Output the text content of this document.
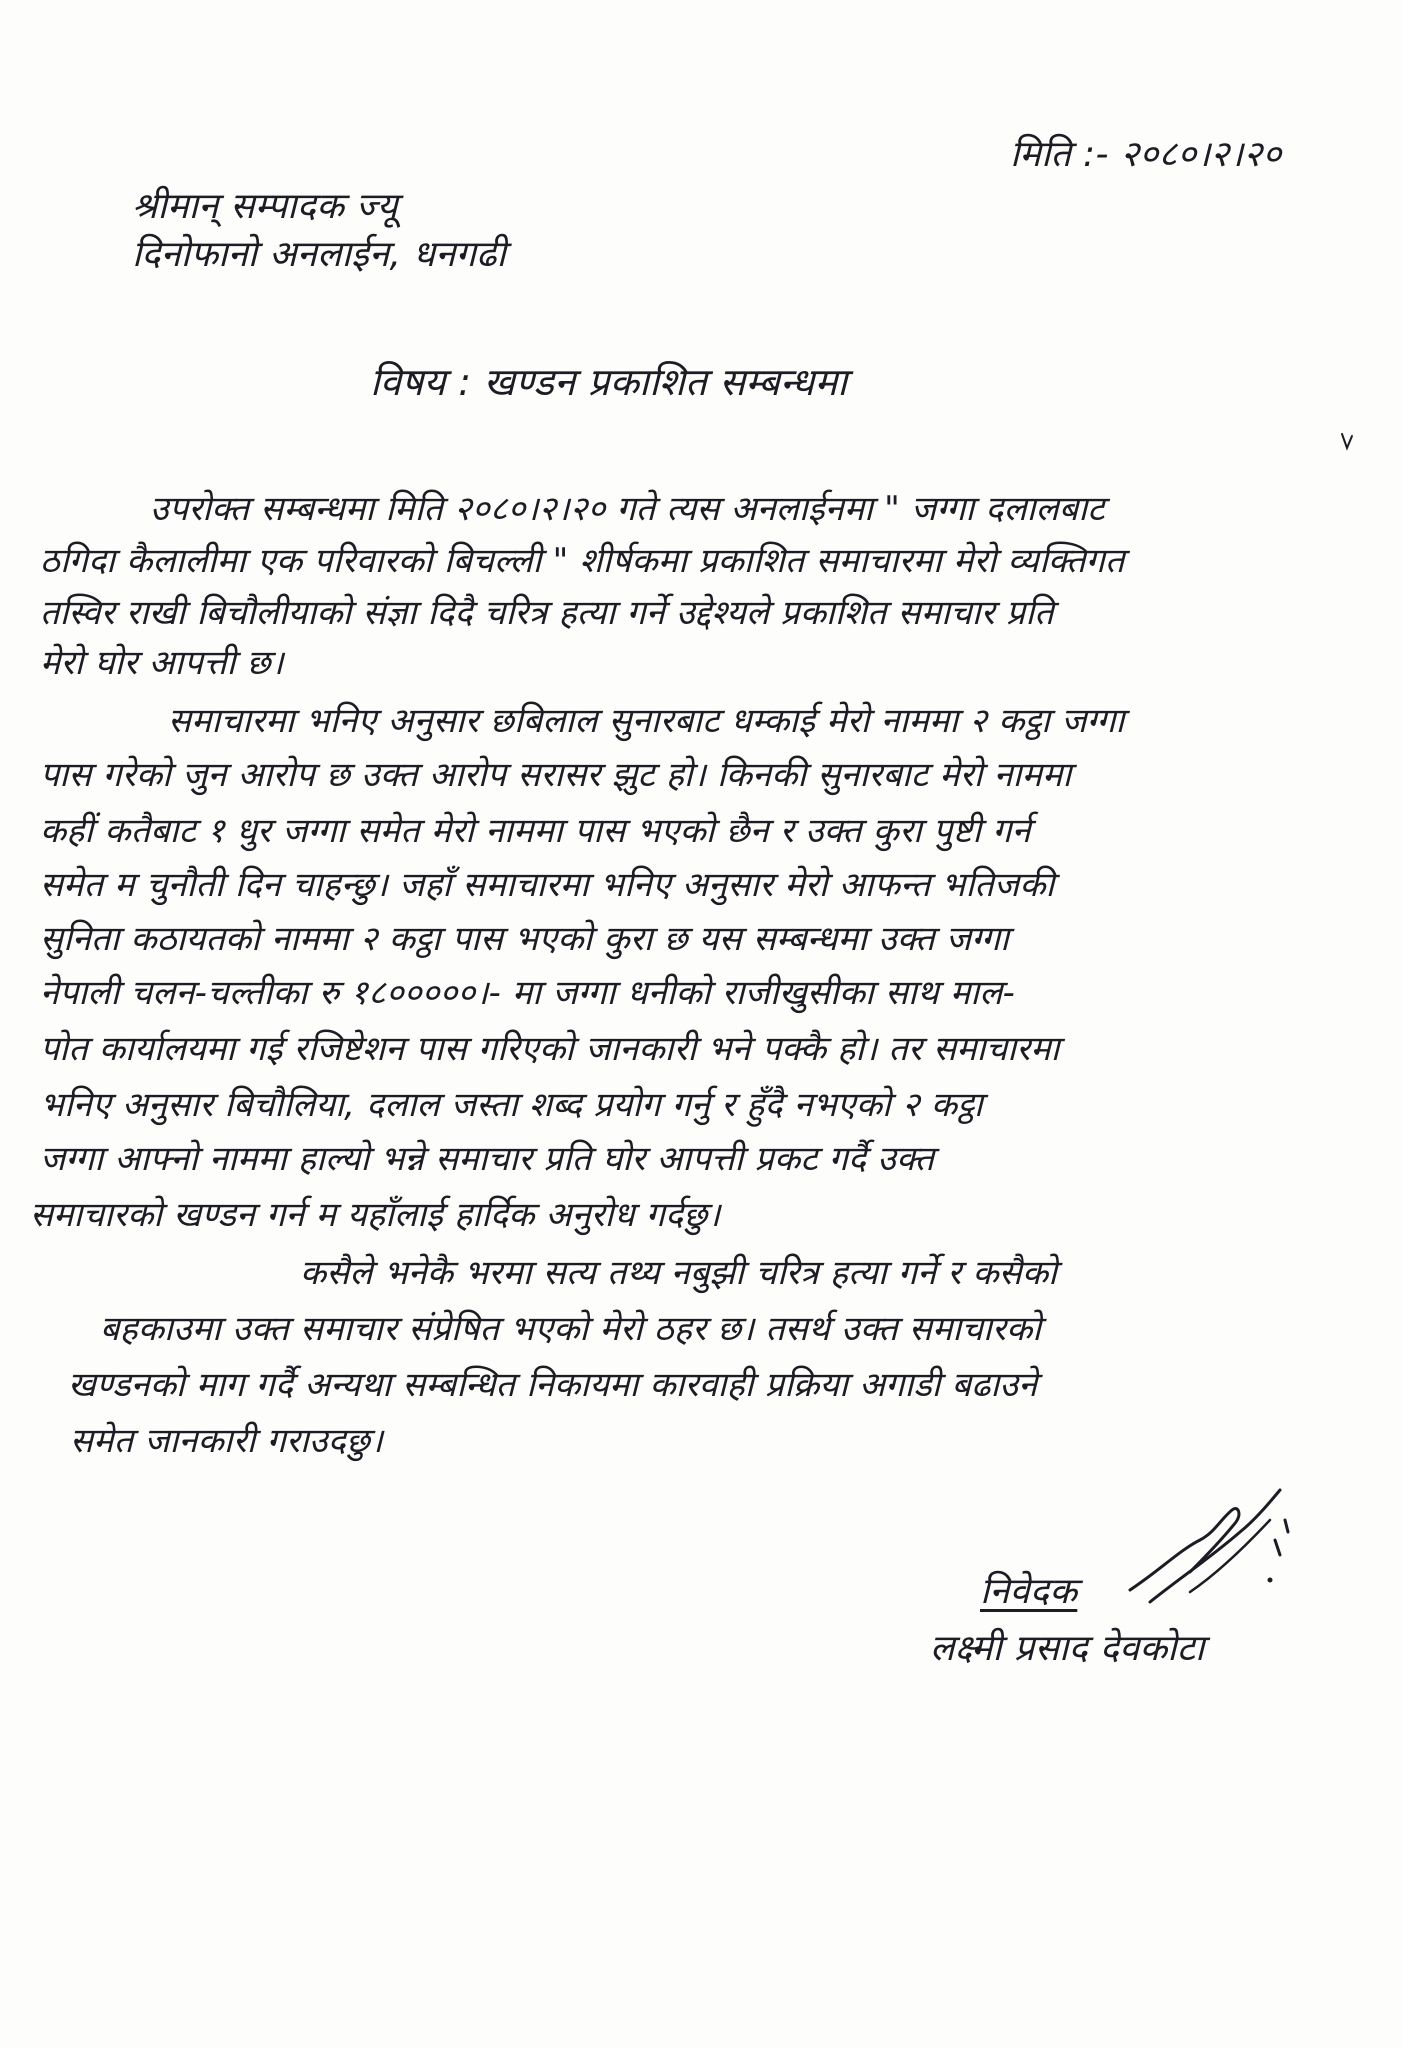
मिति :- २०८०।२।२०
श्रीमान् सम्पादक ज्यू
दिनोफानो अनलाईन, धनगढी
विषय : खण्डन प्रकाशित सम्बन्धमा
उपरोक्त सम्बन्धमा मिति २०८०।२।२० गते त्यस अनलाईनमा " जग्गा दलालबाट
ठगिदा कैलालीमा एक परिवारको बिचल्ली " शीर्षकमा प्रकाशित समाचारमा मेरो व्यक्तिगत
तस्विर राखी बिचौलीयाको संज्ञा दिदै चरित्र हत्या गर्ने उद्देश्यले प्रकाशित समाचार प्रति
मेरो घोर आपत्ती छ।
समाचारमा भनिए अनुसार छबिलाल सुनारबाट धम्काई मेरो नाममा २ कट्ठा जग्गा
पास गरेको जुन आरोप छ उक्त आरोप सरासर झुट हो। किनकी सुनारबाट मेरो नाममा
कहीं कतैबाट १ धुर जग्गा समेत मेरो नाममा पास भएको छैन र उक्त कुरा पुष्टी गर्न
समेत म चुनौती दिन चाहन्छु। जहाँ समाचारमा भनिए अनुसार मेरो आफन्त भतिजकी
सुनिता कठायतको नाममा २ कट्ठा पास भएको कुरा छ यस सम्बन्धमा उक्त जग्गा
नेपाली चलन-चल्तीका रु १८०००००।- मा जग्गा धनीको राजीखुसीका साथ माल-
पोत कार्यालयमा गई रजिष्टेशन पास गरिएको जानकारी भने पक्कै हो। तर समाचारमा
भनिए अनुसार बिचौलिया, दलाल जस्ता शब्द प्रयोग गर्नु र हुँदै नभएको २ कट्ठा
जग्गा आफ्नो नाममा हाल्यो भन्ने समाचार प्रति घोर आपत्ती प्रकट गर्दै उक्त
समाचारको खण्डन गर्न म यहाँलाई हार्दिक अनुरोध गर्दछु।
कसैले भनेकै भरमा सत्य तथ्य नबुझी चरित्र हत्या गर्ने र कसैको
बहकाउमा उक्त समाचार संप्रेषित भएको मेरो ठहर छ। तसर्थ उक्त समाचारको
खण्डनको माग गर्दै अन्यथा सम्बन्धित निकायमा कारवाही प्रक्रिया अगाडी बढाउने
समेत जानकारी गराउदछु।
निवेदक
लक्ष्मी प्रसाद देवकोटा
